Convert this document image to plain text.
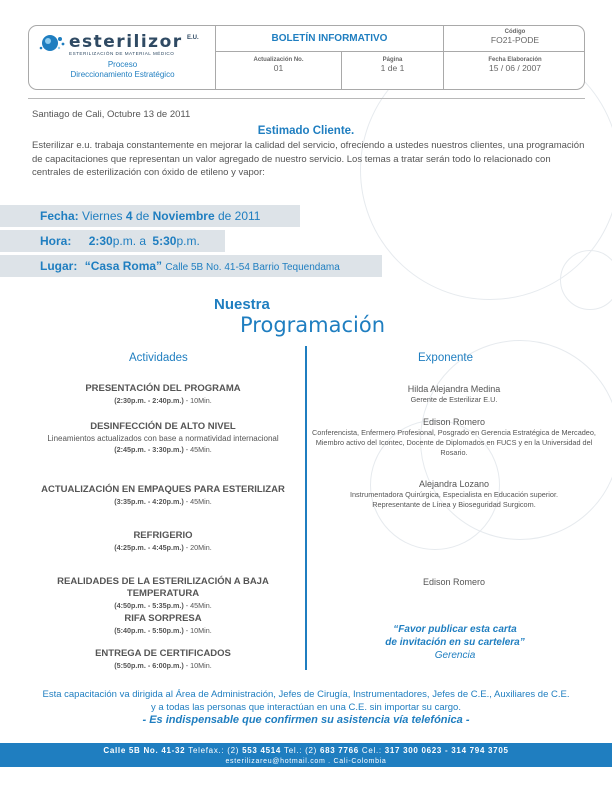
esterilizor E.U.
ESTERILIZACIÓN DE MATERIAL MÉDICO
Proceso
Direccionamiento Estratégico
BOLETÍN INFORMATIVO
Código
FO21-PODE
Actualización No.
01
Página
1 de 1
Fecha Elaboración
15 / 06 / 2007
Santiago de Cali, Octubre 13 de 2011
Estimado Cliente.
Esterilizar e.u. trabaja constantemente en mejorar la calidad del servicio, ofreciendo a ustedes nuestros clientes, una programación de capacitaciones que representan un valor agregado de nuestro servicio. Los temas a tratar serán todo lo relacionado con centrales de esterilización con óxido de etileno y vapor:
Fecha: Viernes 4 de Noviembre de 2011
Hora: 2:30p.m. a 5:30p.m.
Lugar: “Casa Roma” Calle 5B No. 41-54 Barrio Tequendama
Nuestra
Programación
Actividades	Exponente
PRESENTACIÓN DEL PROGRAMA
(2:30p.m. - 2:40p.m.) - 10Min.
DESINFECCIÓN DE ALTO NIVEL
Lineamientos actualizados con base a normatividad internacional
(2:45p.m. - 3:30p.m.) - 45Min.
ACTUALIZACIÓN EN EMPAQUES PARA ESTERILIZAR
(3:35p.m. - 4:20p.m.) - 45Min.
REFRIGERIO
(4:25p.m. - 4:45p.m.) - 20Min.
REALIDADES DE LA ESTERILIZACIÓN A BAJA TEMPERATURA
(4:50p.m. - 5:35p.m.) - 45Min.
RIFA SORPRESA
(5:40p.m. - 5:50p.m.) - 10Min.
ENTREGA DE CERTIFICADOS
(5:50p.m. - 6:00p.m.) - 10Min.
Hilda Alejandra Medina
Gerente de Esterilizar E.U.
Edison Romero
Conferencista, Enfermero Profesional, Posgrado en Gerencia Estratégica de Mercadeo, Miembro activo del Icontec, Docente de Diplomados en FUCS y en la Universidad del Rosario.
Alejandra Lozano
Instrumentadora Quirúrgica, Especialista en Educación superior. Representante de Línea y Bioseguridad Surgicom.
Edison Romero
“Favor publicar esta carta
de invitación en su cartelera”
Gerencia
Esta capacitación va dirigida al Área de Administración, Jefes de Cirugía, Instrumentadores, Jefes de C.E., Auxiliares de C.E.
y a todas las personas que interactúan en una C.E. sin importar su cargo.
- Es indispensable que confirmen su asistencia vía telefónica -
Calle 5B No. 41-32 Telefax.: (2) 553 4514 Tel.: (2) 683 7766 Cel.: 317 300 0623 - 314 794 3705
esterilizareu@hotmail.com . Cali-Colombia
